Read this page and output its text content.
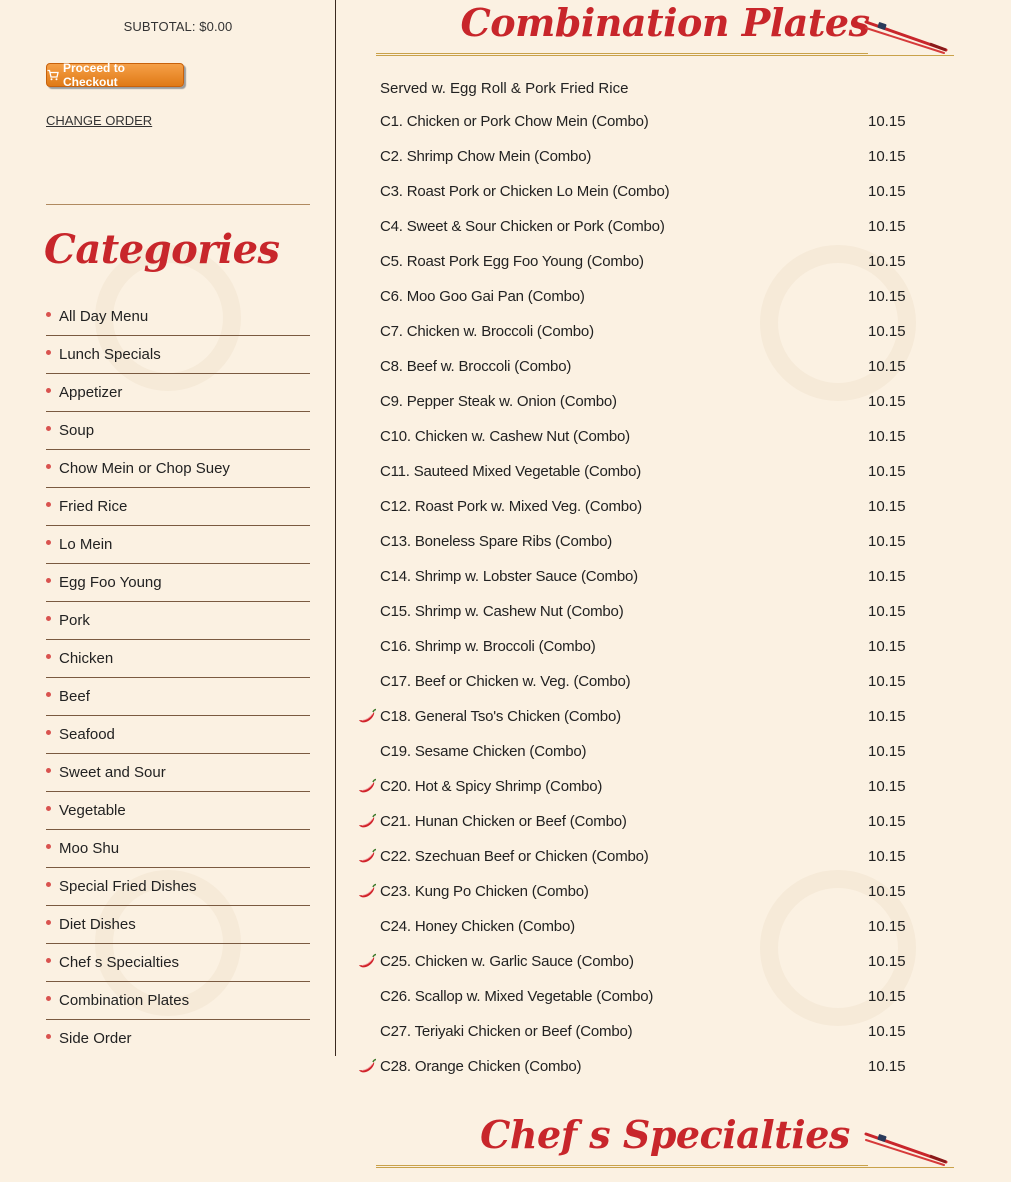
SUBTOTAL: $0.00
Proceed to Checkout
CHANGE ORDER
Categories
All Day Menu
Lunch Specials
Appetizer
Soup
Chow Mein or Chop Suey
Fried Rice
Lo Mein
Egg Foo Young
Pork
Chicken
Beef
Seafood
Sweet and Sour
Vegetable
Moo Shu
Special Fried Dishes
Diet Dishes
Chef s Specialties
Combination Plates
Side Order
Combination Plates
Served w. Egg Roll & Pork Fried Rice
C1. Chicken or Pork Chow Mein (Combo)	10.15
C2. Shrimp Chow Mein (Combo)	10.15
C3. Roast Pork or Chicken Lo Mein (Combo)	10.15
C4. Sweet & Sour Chicken or Pork (Combo)	10.15
C5. Roast Pork Egg Foo Young (Combo)	10.15
C6. Moo Goo Gai Pan (Combo)	10.15
C7. Chicken w. Broccoli (Combo)	10.15
C8. Beef w. Broccoli (Combo)	10.15
C9. Pepper Steak w. Onion (Combo)	10.15
C10. Chicken w. Cashew Nut (Combo)	10.15
C11. Sauteed Mixed Vegetable (Combo)	10.15
C12. Roast Pork w. Mixed Veg. (Combo)	10.15
C13. Boneless Spare Ribs (Combo)	10.15
C14. Shrimp w. Lobster Sauce (Combo)	10.15
C15. Shrimp w. Cashew Nut (Combo)	10.15
C16. Shrimp w. Broccoli (Combo)	10.15
C17. Beef or Chicken w. Veg. (Combo)	10.15
C18. General Tso's Chicken (Combo)	10.15
C19. Sesame Chicken (Combo)	10.15
C20. Hot & Spicy Shrimp (Combo)	10.15
C21. Hunan Chicken or Beef (Combo)	10.15
C22. Szechuan Beef or Chicken (Combo)	10.15
C23. Kung Po Chicken (Combo)	10.15
C24. Honey Chicken (Combo)	10.15
C25. Chicken w. Garlic Sauce (Combo)	10.15
C26. Scallop w. Mixed Vegetable (Combo)	10.15
C27. Teriyaki Chicken or Beef (Combo)	10.15
C28. Orange Chicken (Combo)	10.15
Chef s Specialties
